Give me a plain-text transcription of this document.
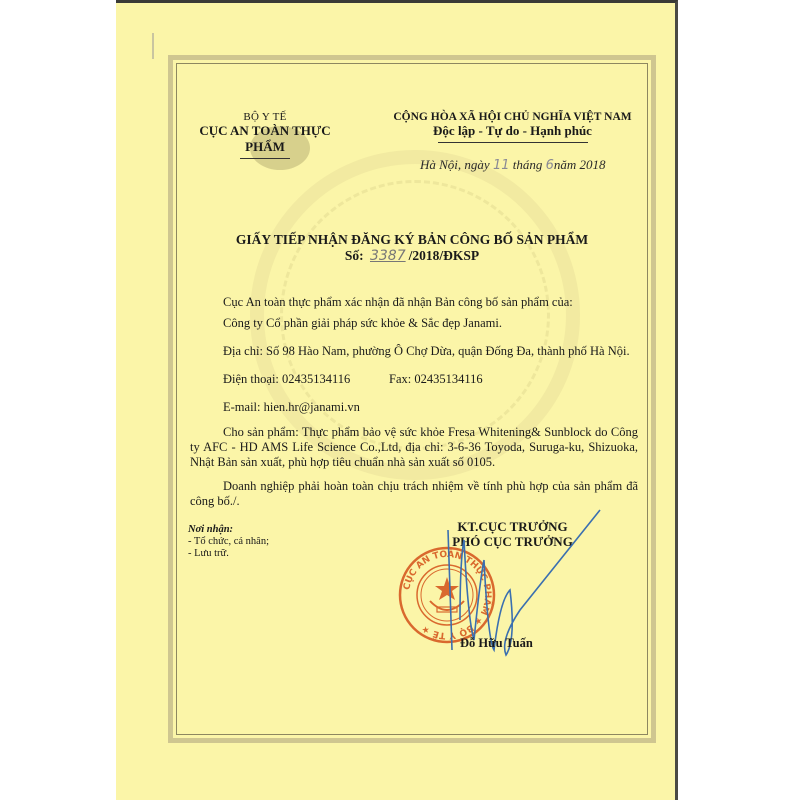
BỘ Y TẾ
CỤC AN TOÀN THỰC PHẨM
CỘNG HÒA XÃ HỘI CHỦ NGHĨA VIỆT NAM
Độc lập - Tự do - Hạnh phúc
Hà Nội, ngày 11 tháng 6năm 2018
GIẤY TIẾP NHẬN ĐĂNG KÝ BẢN CÔNG BỐ SẢN PHẨM
Số: 3387 /2018/ĐKSP
Cục An toàn thực phẩm xác nhận đã nhận Bản công bố sản phẩm của:
Công ty Cổ phần giải pháp sức khỏe & Sắc đẹp Janami.
Địa chỉ: Số 98 Hào Nam, phường Ô Chợ Dừa, quận Đống Đa, thành phố Hà Nội.
Điện thoại: 02435134116	Fax: 02435134116
E-mail: hien.hr@janami.vn
Cho sản phẩm: Thực phẩm bảo vệ sức khỏe Fresa Whitening& Sunblock do Công ty AFC - HD AMS Life Science Co.,Ltd, địa chỉ: 3-6-36 Toyoda, Suruga-ku, Shizuoka, Nhật Bản sản xuất, phù hợp tiêu chuẩn nhà sản xuất số 0105.
Doanh nghiệp phải hoàn toàn chịu trách nhiệm về tính phù hợp của sản phẩm đã công bố./.
Nơi nhận:
- Tổ chức, cá nhân;
- Lưu trữ.
KT.CỤC TRƯỞNG
PHÓ CỤC TRƯỞNG
CỤC AN TOÀN THỰC PHẨM ★ BỘ Y TẾ ★
Đỗ Hữu Tuấn
